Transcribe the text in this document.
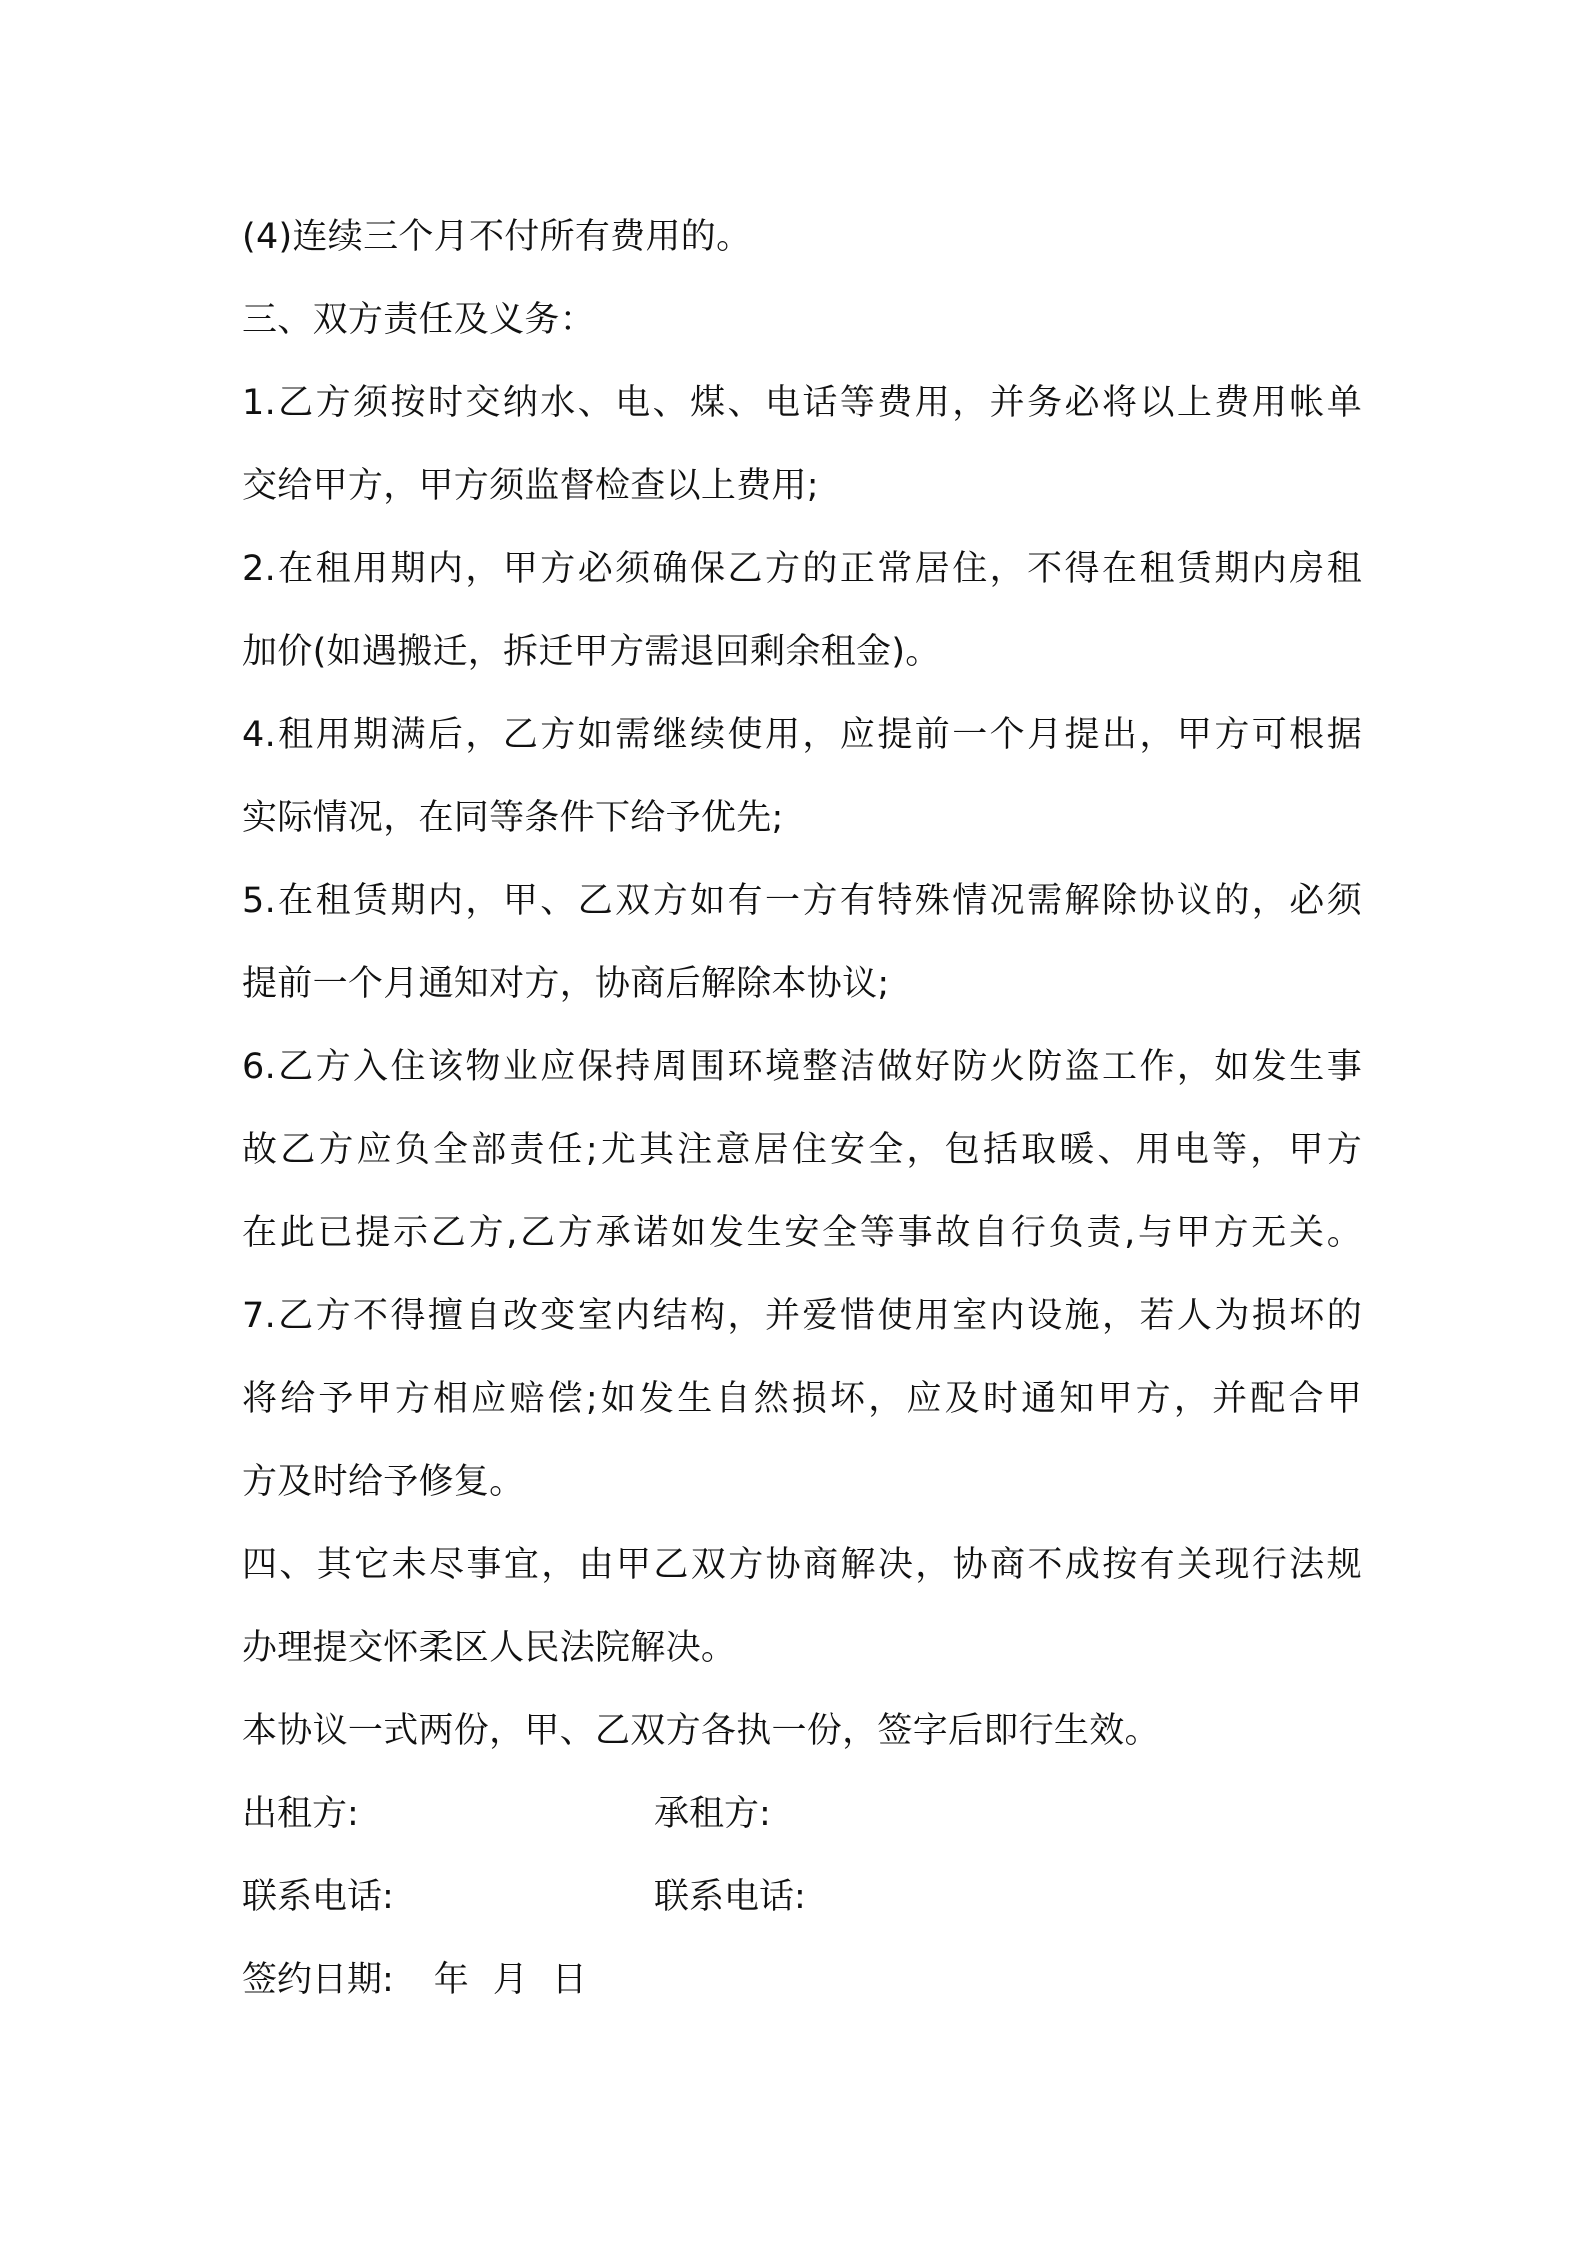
(4)连续三个月不付所有费用的。
三、双方责任及义务：
1.乙方须按时交纳水、电、煤、电话等费用，并务必将以上费用帐单
交给甲方，甲方须监督检查以上费用;
2.在租用期内，甲方必须确保乙方的正常居住，不得在租赁期内房租
加价(如遇搬迁，拆迁甲方需退回剩余租金)。
4.租用期满后，乙方如需继续使用，应提前一个月提出，甲方可根据
实际情况，在同等条件下给予优先;
5.在租赁期内，甲、乙双方如有一方有特殊情况需解除协议的，必须
提前一个月通知对方，协商后解除本协议;
6.乙方入住该物业应保持周围环境整洁做好防火防盗工作，如发生事
故乙方应负全部责任;尤其注意居住安全，包括取暖、用电等，甲方
在此已提示乙方,乙方承诺如发生安全等事故自行负责,与甲方无关。
7.乙方不得擅自改变室内结构，并爱惜使用室内设施，若人为损坏的
将给予甲方相应赔偿;如发生自然损坏，应及时通知甲方，并配合甲
方及时给予修复。
四、其它未尽事宜，由甲乙双方协商解决，协商不成按有关现行法规
办理提交怀柔区人民法院解决。
本协议一式两份，甲、乙双方各执一份，签字后即行生效。
出租方:	承租方:
联系电话:	联系电话:
签约日期: 年 月 日
